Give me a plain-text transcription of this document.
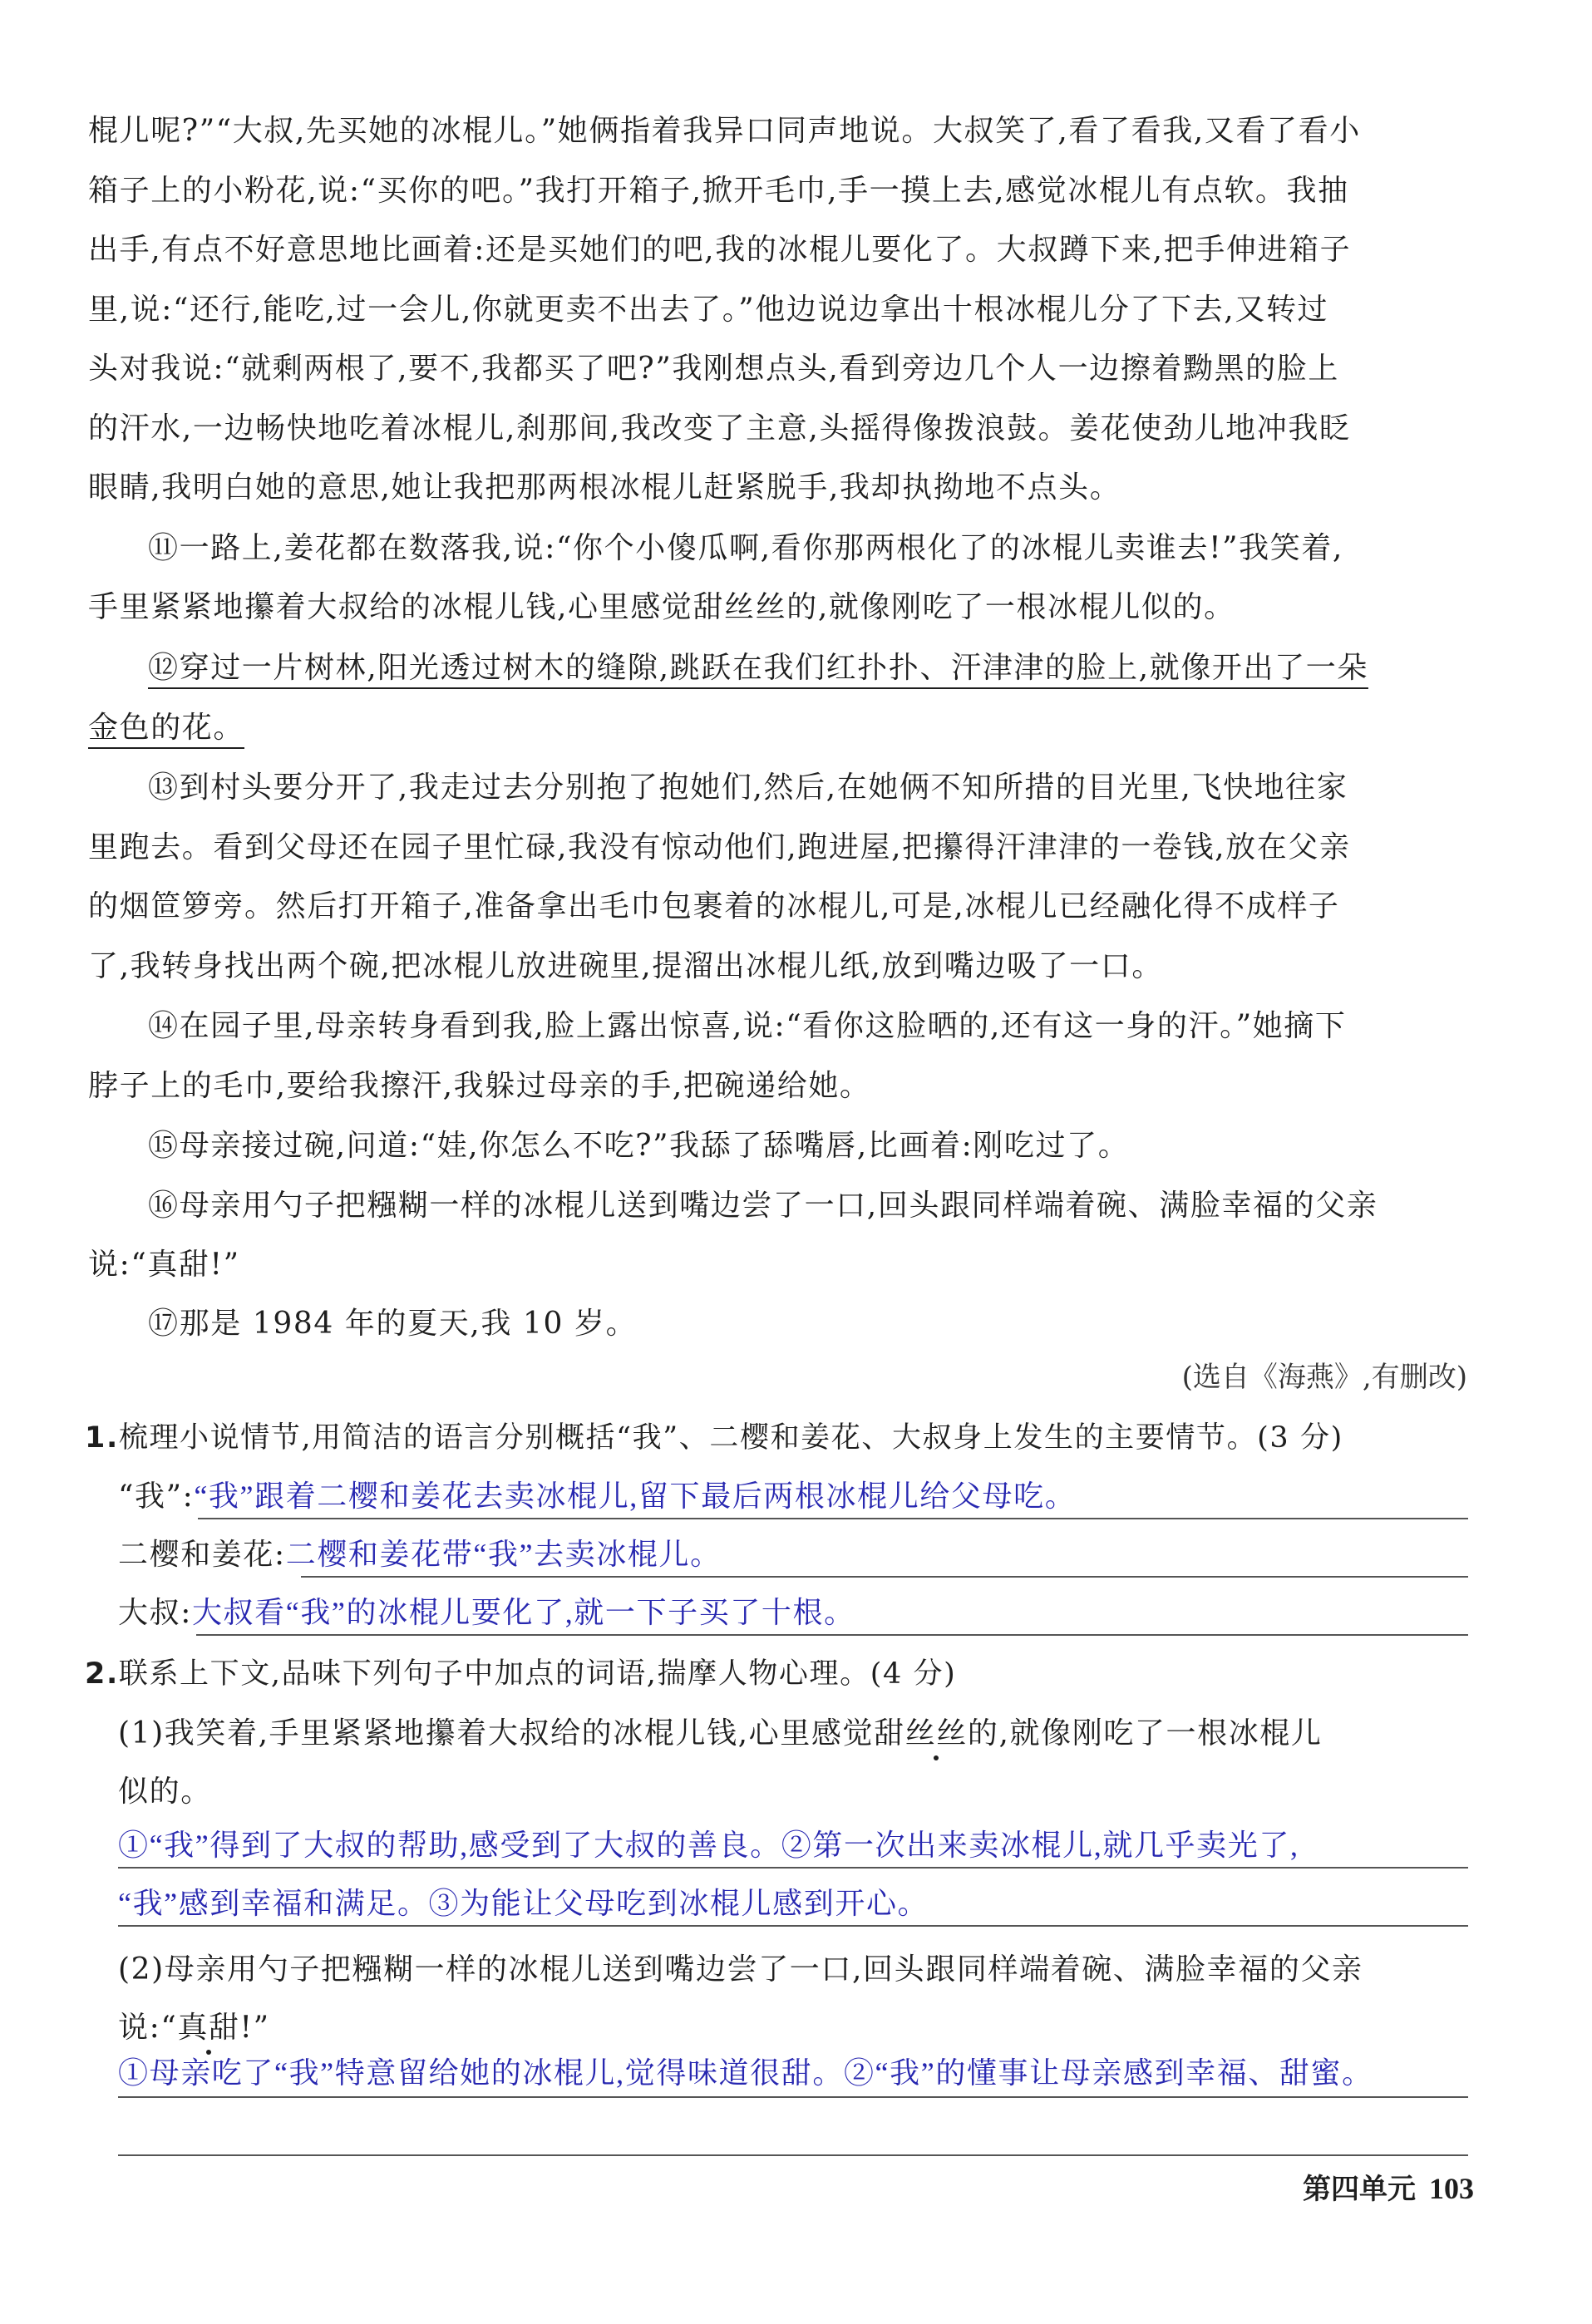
棍儿呢?”“大叔,先买她的冰棍儿。”她俩指着我异口同声地说。大叔笑了,看了看我,又看了看小
箱子上的小粉花,说:“买你的吧。”我打开箱子,掀开毛巾,手一摸上去,感觉冰棍儿有点软。我抽
出手,有点不好意思地比画着:还是买她们的吧,我的冰棍儿要化了。大叔蹲下来,把手伸进箱子
里,说:“还行,能吃,过一会儿,你就更卖不出去了。”他边说边拿出十根冰棍儿分了下去,又转过
头对我说:“就剩两根了,要不,我都买了吧?”我刚想点头,看到旁边几个人一边擦着黝黑的脸上
的汗水,一边畅快地吃着冰棍儿,刹那间,我改变了主意,头摇得像拨浪鼓。姜花使劲儿地冲我眨
眼睛,我明白她的意思,她让我把那两根冰棍儿赶紧脱手,我却执拗地不点头。
⑪一路上,姜花都在数落我,说:“你个小傻瓜啊,看你那两根化了的冰棍儿卖谁去!”我笑着,
手里紧紧地攥着大叔给的冰棍儿钱,心里感觉甜丝丝的,就像刚吃了一根冰棍儿似的。
⑫穿过一片树林,阳光透过树木的缝隙,跳跃在我们红扑扑、汗津津的脸上,就像开出了一朵
金色的花。
⑬到村头要分开了,我走过去分别抱了抱她们,然后,在她俩不知所措的目光里,飞快地往家
里跑去。看到父母还在园子里忙碌,我没有惊动他们,跑进屋,把攥得汗津津的一卷钱,放在父亲
的烟笸箩旁。然后打开箱子,准备拿出毛巾包裹着的冰棍儿,可是,冰棍儿已经融化得不成样子
了,我转身找出两个碗,把冰棍儿放进碗里,提溜出冰棍儿纸,放到嘴边吸了一口。
⑭在园子里,母亲转身看到我,脸上露出惊喜,说:“看你这脸晒的,还有这一身的汗。”她摘下
脖子上的毛巾,要给我擦汗,我躲过母亲的手,把碗递给她。
⑮母亲接过碗,问道:“娃,你怎么不吃?”我舔了舔嘴唇,比画着:刚吃过了。
⑯母亲用勺子把糨糊一样的冰棍儿送到嘴边尝了一口,回头跟同样端着碗、满脸幸福的父亲
说:“真甜!”
⑰那是 1984 年的夏天,我 10 岁。
(选自《海燕》,有删改)
1.梳理小说情节,用简洁的语言分别概括“我”、二樱和姜花、大叔身上发生的主要情节。(3 分)
“我”:“我”跟着二樱和姜花去卖冰棍儿,留下最后两根冰棍儿给父母吃。
二樱和姜花:二樱和姜花带“我”去卖冰棍儿。
大叔:大叔看“我”的冰棍儿要化了,就一下子买了十根。
2.联系上下文,品味下列句子中加点的词语,揣摩人物心理。(4 分)
(1)我笑着,手里紧紧地攥着大叔给的冰棍儿钱,心里感觉甜丝丝的,就像刚吃了一根冰棍儿
似的。
①“我”得到了大叔的帮助,感受到了大叔的善良。②第一次出来卖冰棍儿,就几乎卖光了,
“我”感到幸福和满足。③为能让父母吃到冰棍儿感到开心。
(2)母亲用勺子把糨糊一样的冰棍儿送到嘴边尝了一口,回头跟同样端着碗、满脸幸福的父亲
说:“真甜!”
①母亲吃了“我”特意留给她的冰棍儿,觉得味道很甜。②“我”的懂事让母亲感到幸福、甜蜜。
第四单元 103
